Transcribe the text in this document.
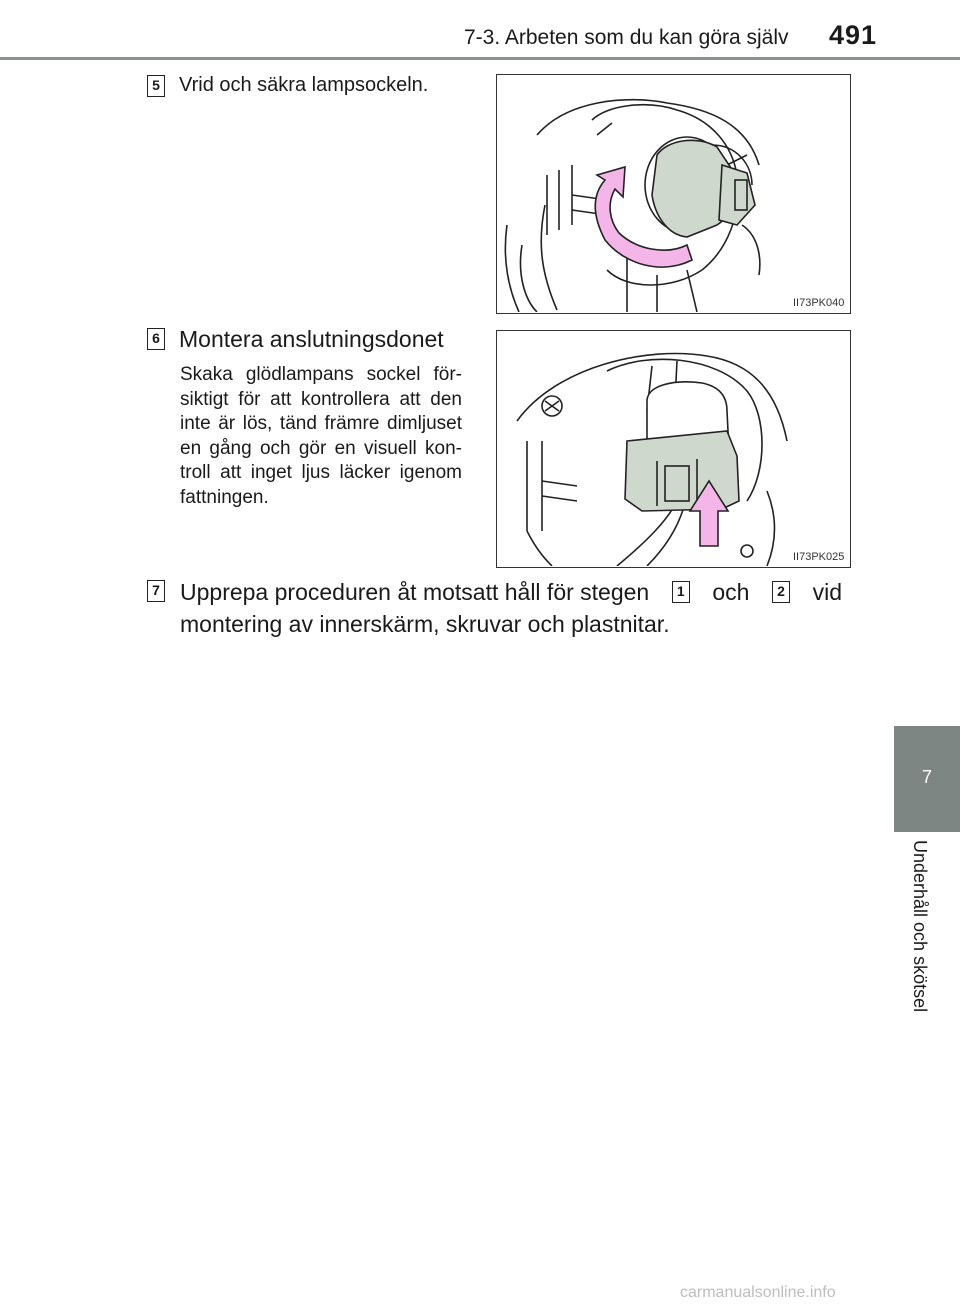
7-3. Arbeten som du kan göra själv 491
7
Underhåll och skötsel
5 Vrid och säkra lampsockeln.
II73PK040
6 Montera anslutningsdonet
Skaka glödlampans sockel för-siktigt för att kontrollera att den inte är lös, tänd främre dimljuset en gång och gör en visuell kon-troll att inget ljus läcker igenom fattningen.
II73PK025
7 Upprepa proceduren åt motsatt håll för stegen	1 och	2 vid
montering av innerskärm, skruvar och plastnitar.
carmanualsonline.info
